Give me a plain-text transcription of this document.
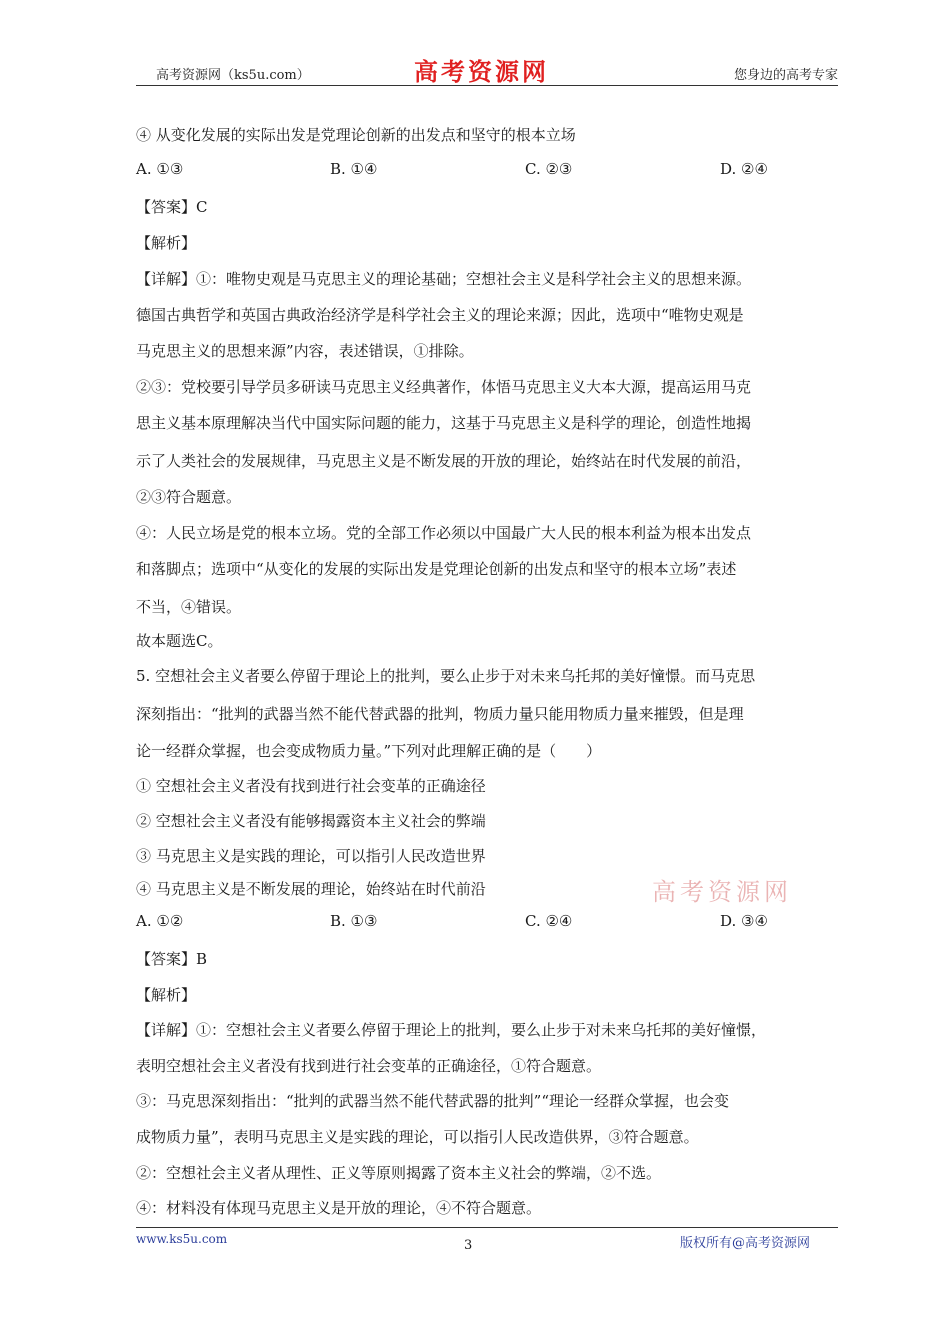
高考资源网（ks5u.com）	高考资源网	您身边的高考专家
④ 从变化发展的实际出发是党理论创新的出发点和坚守的根本立场
A. ①③	B. ①④	C. ②③	D. ②④
【答案】C
【解析】
【详解】①：唯物史观是马克思主义的理论基础；空想社会主义是科学社会主义的思想来源。
德国古典哲学和英国古典政治经济学是科学社会主义的理论来源；因此，选项中“唯物史观是
马克思主义的思想来源”内容，表述错误，①排除。
②③：党校要引导学员多研读马克思主义经典著作，体悟马克思主义大本大源，提高运用马克
思主义基本原理解决当代中国实际问题的能力，这基于马克思主义是科学的理论，创造性地揭
示了人类社会的发展规律，马克思主义是不断发展的开放的理论，始终站在时代发展的前沿，
②③符合题意。
④：人民立场是党的根本立场。党的全部工作必须以中国最广大人民的根本利益为根本出发点
和落脚点；选项中“从变化的发展的实际出发是党理论创新的出发点和坚守的根本立场”表述
不当，④错误。
故本题选C。
5. 空想社会主义者要么停留于理论上的批判，要么止步于对未来乌托邦的美好憧憬。而马克思
深刻指出：“批判的武器当然不能代替武器的批判，物质力量只能用物质力量来摧毁，但是理
论一经群众掌握，也会变成物质力量。”下列对此理解正确的是（　　）
① 空想社会主义者没有找到进行社会变革的正确途径
② 空想社会主义者没有能够揭露资本主义社会的弊端
③ 马克思主义是实践的理论，可以指引人民改造世界
④ 马克思主义是不断发展的理论，始终站在时代前沿	高考资源网
A. ①②	B. ①③	C. ②④	D. ③④
【答案】B
【解析】
【详解】①：空想社会主义者要么停留于理论上的批判，要么止步于对未来乌托邦的美好憧憬，
表明空想社会主义者没有找到进行社会变革的正确途径，①符合题意。
③：马克思深刻指出：“批判的武器当然不能代替武器的批判”“理论一经群众掌握，也会变
成物质力量”，表明马克思主义是实践的理论，可以指引人民改造供界，③符合题意。
②：空想社会主义者从理性、正义等原则揭露了资本主义社会的弊端，②不选。
④：材料没有体现马克思主义是开放的理论，④不符合题意。
www.ks5u.com	3	版权所有@高考资源网
